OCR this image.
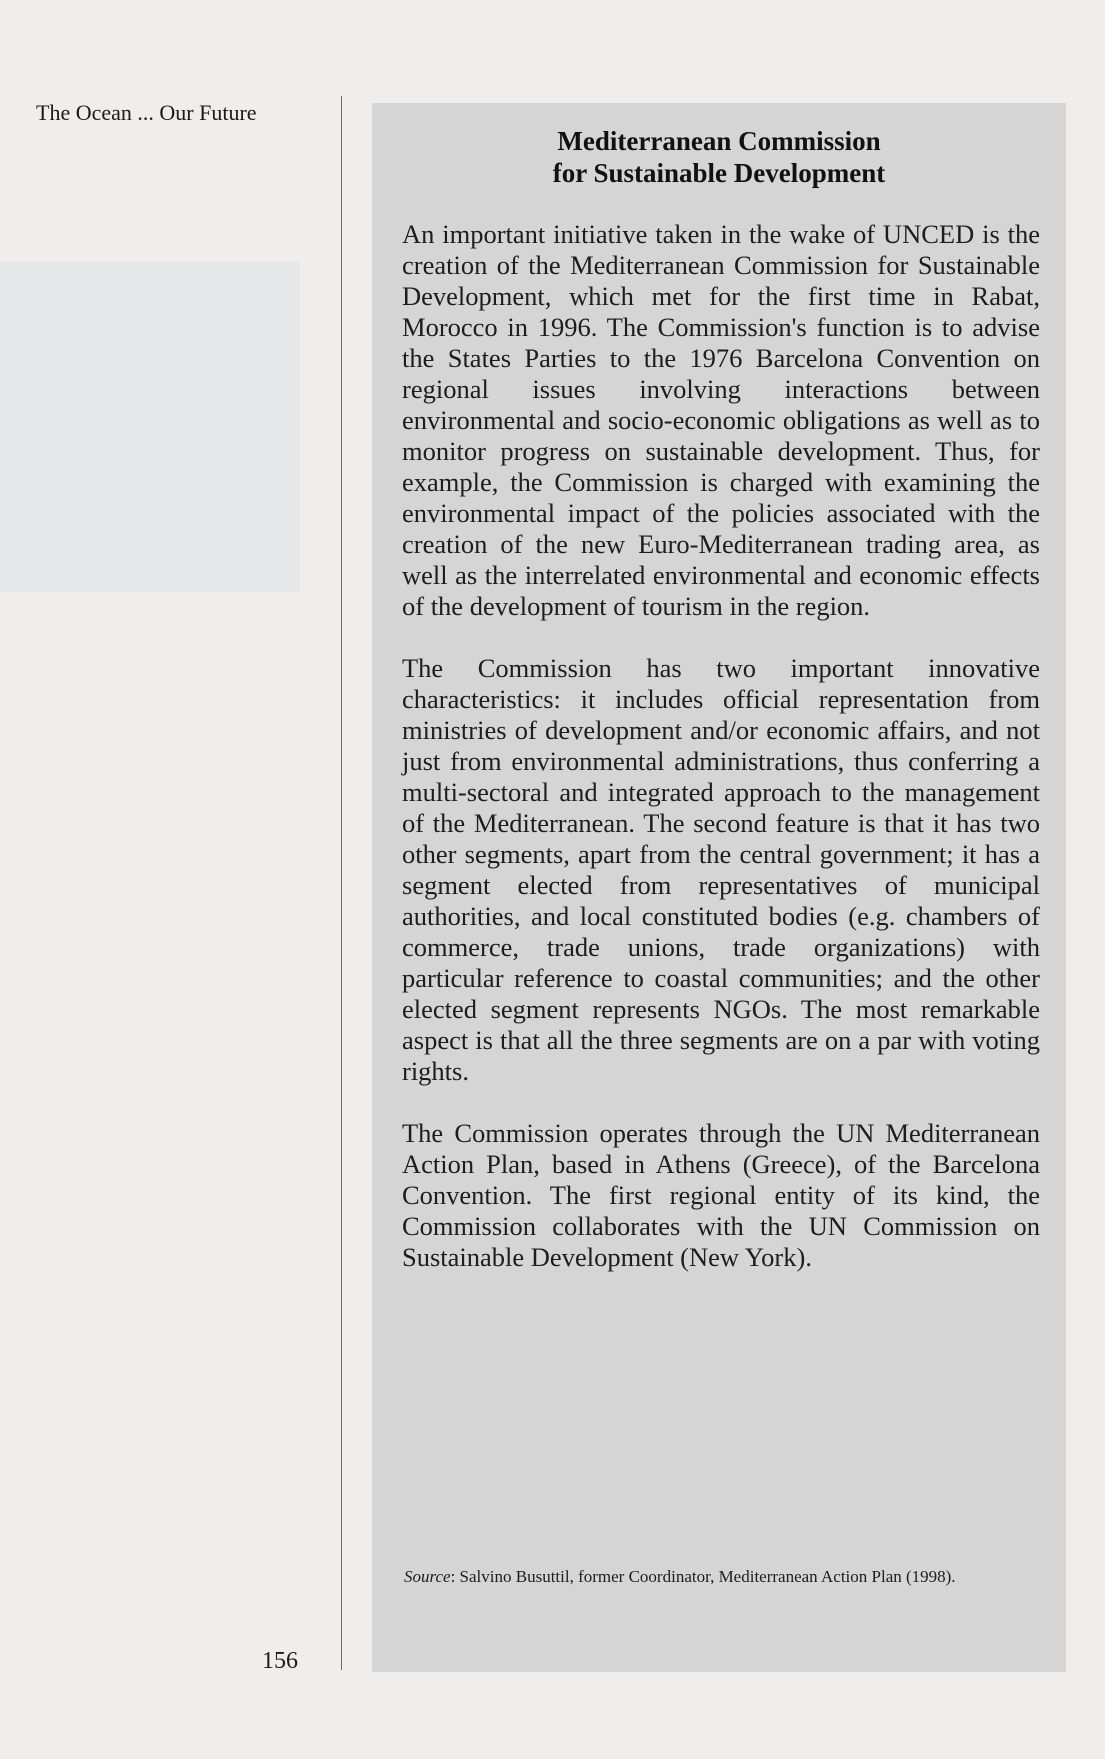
The Ocean ... Our Future
Mediterranean Commission
for Sustainable Development

An important initiative taken in the wake of UNCED is the creation of the Mediterranean Commission for Sustainable Development, which met for the first time in Rabat, Morocco in 1996. The Commission's function is to advise the States Parties to the 1976 Barcelona Convention on regional issues involving interactions between environmental and socio-economic obligations as well as to monitor progress on sustainable development. Thus, for example, the Commission is charged with examining the environmental impact of the policies associated with the creation of the new Euro-Mediterranean trading area, as well as the interrelated environmental and economic effects of the development of tourism in the region.

The Commission has two important innovative characteristics: it includes official representation from ministries of development and/or economic affairs, and not just from environmental administrations, thus conferring a multi-sectoral and integrated approach to the management of the Mediterranean. The second feature is that it has two other segments, apart from the central government; it has a segment elected from representatives of municipal authorities, and local constituted bodies (e.g. chambers of commerce, trade unions, trade organizations) with particular reference to coastal communities; and the other elected segment represents NGOs. The most remarkable aspect is that all the three segments are on a par with voting rights.

The Commission operates through the UN Mediterranean Action Plan, based in Athens (Greece), of the Barcelona Convention. The first regional entity of its kind, the Commission collaborates with the UN Commission on Sustainable Development (New York).

Source: Salvino Busuttil, former Coordinator, Mediterranean Action Plan (1998).
156
